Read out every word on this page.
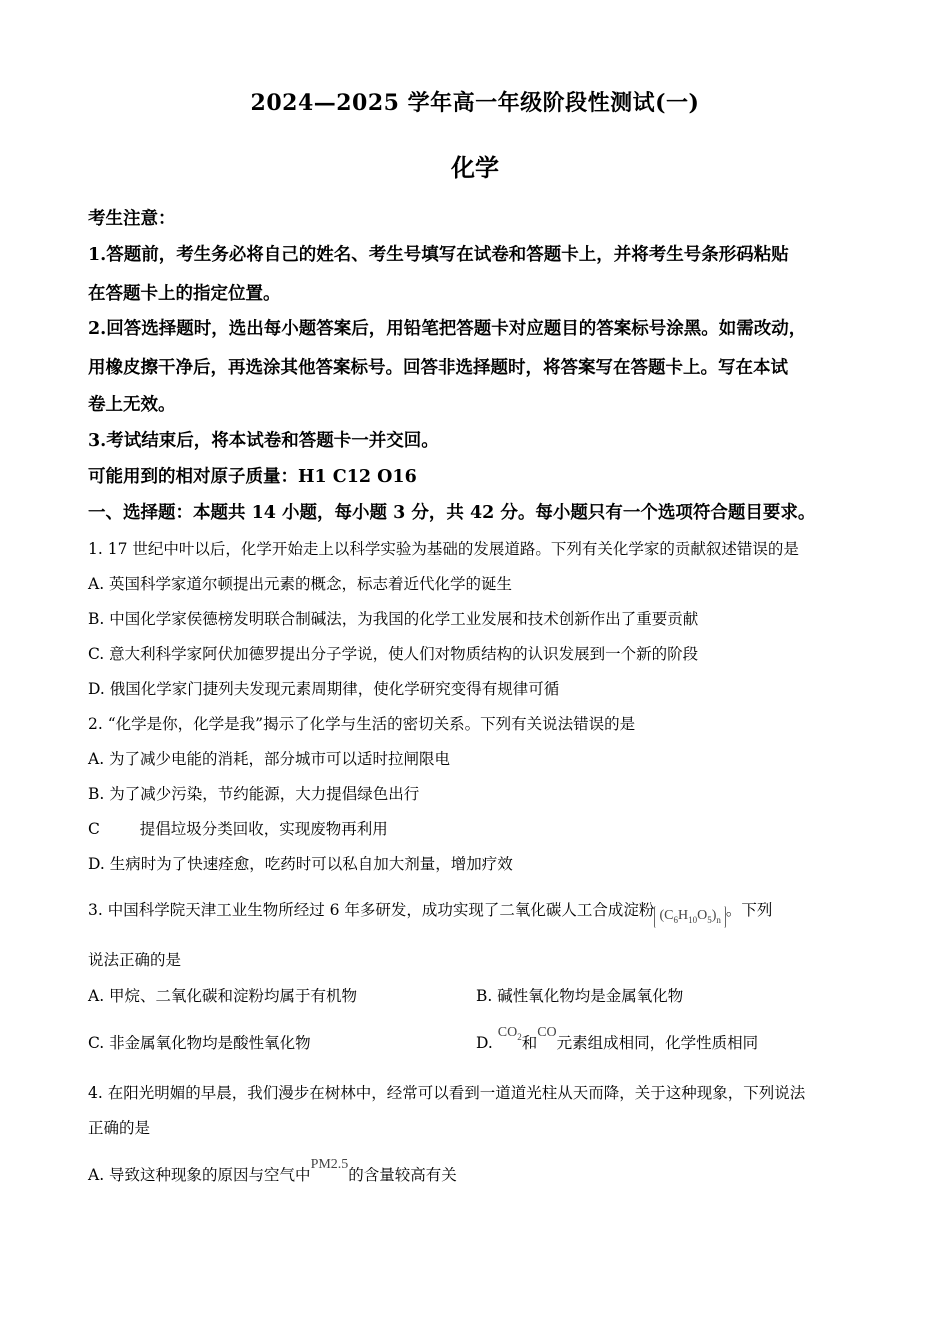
2024—2025 学年高一年级阶段性测试(一)
化学
考生注意：
1.答题前，考生务必将自己的姓名、考生号填写在试卷和答题卡上，并将考生号条形码粘贴
在答题卡上的指定位置。
2.回答选择题时，选出每小题答案后，用铅笔把答题卡对应题目的答案标号涂黑。如需改动，
用橡皮擦干净后，再选涂其他答案标号。回答非选择题时，将答案写在答题卡上。写在本试
卷上无效。
3.考试结束后，将本试卷和答题卡一并交回。
可能用到的相对原子质量：H1 C12 O16
一、选择题：本题共 14 小题，每小题 3 分，共 42 分。每小题只有一个选项符合题目要求。
1. 17 世纪中叶以后，化学开始走上以科学实验为基础的发展道路。下列有关化学家的贡献叙述错误的是
A. 英国科学家道尔顿提出元素的概念，标志着近代化学的诞生
B. 中国化学家侯德榜发明联合制碱法，为我国的化学工业发展和技术创新作出了重要贡献
C. 意大利科学家阿伏加德罗提出分子学说，使人们对物质结构的认识发展到一个新的阶段
D. 俄国化学家门捷列夫发现元素周期律，使化学研究变得有规律可循
2. “化学是你，化学是我”揭示了化学与生活的密切关系。下列有关说法错误的是
A. 为了减少电能的消耗，部分城市可以适时拉闸限电
B. 为了减少污染，节约能源，大力提倡绿色出行
C	提倡垃圾分类回收，实现废物再利用
D. 生病时为了快速痊愈，吃药时可以私自加大剂量，增加疗效
3. 中国科学院天津工业生物所经过 6 年多研发，成功实现了二氧化碳人工合成淀粉 $(C_6H_{10}O_5)_n$。下列
说法正确的是
A. 甲烷、二氧化碳和淀粉均属于有机物	B. 碱性氧化物均是金属氧化物
C. 非金属氧化物均是酸性氧化物	D. $CO_2$和CO元素组成相同，化学性质相同
4. 在阳光明媚的早晨，我们漫步在树林中，经常可以看到一道道光柱从天而降，关于这种现象，下列说法
正确的是
A. 导致这种现象的原因与空气中PM2.5的含量较高有关
